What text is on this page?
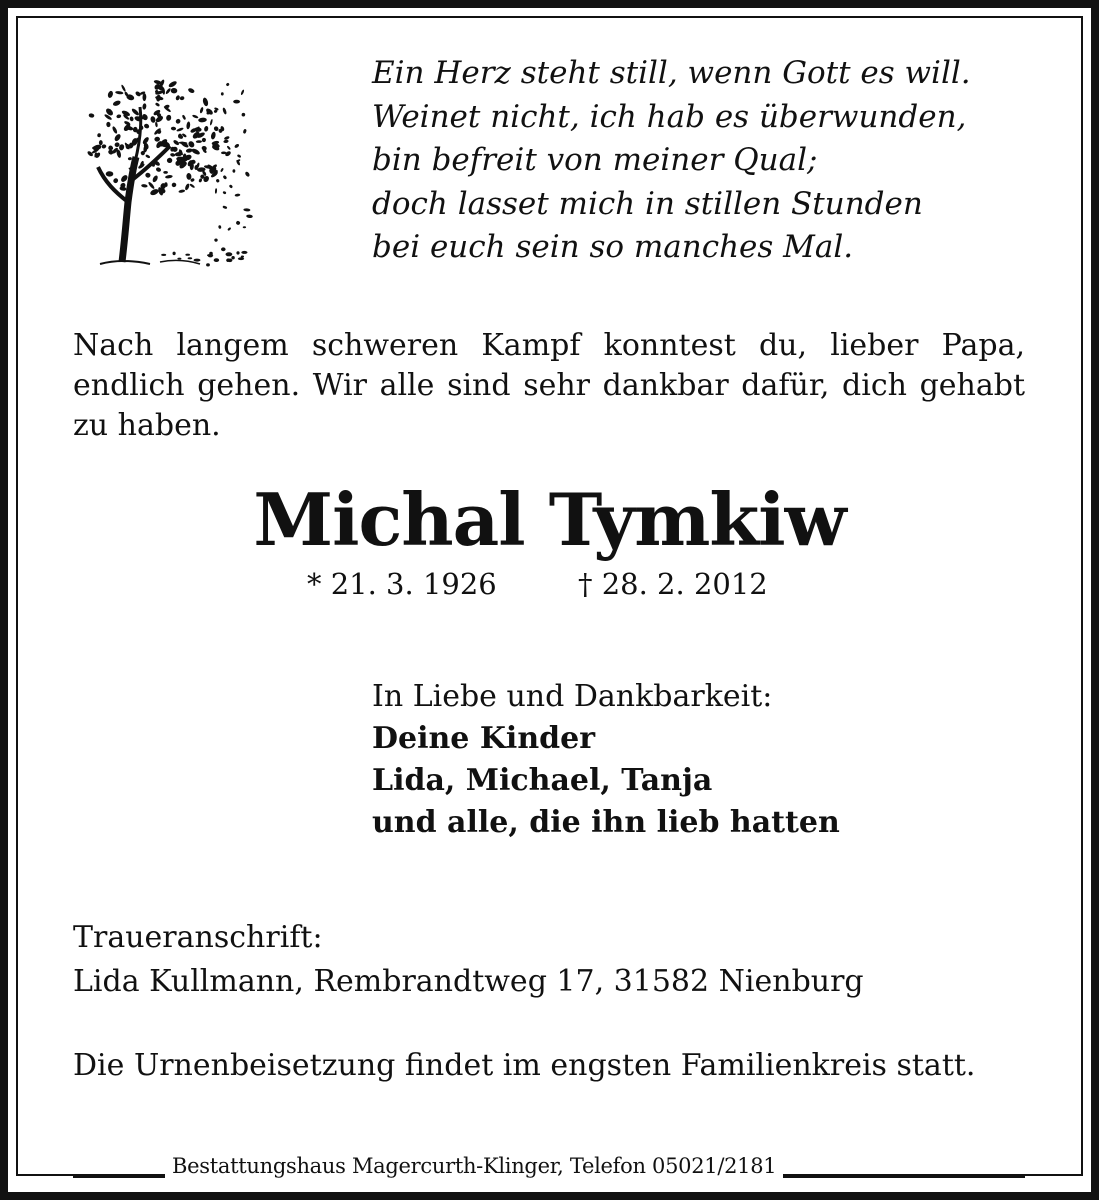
Ein Herz steht still, wenn Gott es will.
Weinet nicht, ich hab es überwunden,
bin befreit von meiner Qual;
doch lasset mich in stillen Stunden
bei euch sein so manches Mal.
Nach langem schweren Kampf konntest du, lieber Papa, endlich gehen. Wir alle sind sehr dankbar dafür, dich gehabt zu haben.
Michal Tymkiw
* 21. 3. 1926	† 28. 2. 2012
In Liebe und Dankbarkeit:
Deine Kinder
Lida, Michael, Tanja
und alle, die ihn lieb hatten
Traueranschrift:
Lida Kullmann, Rembrandtweg 17, 31582 Nienburg
Die Urnenbeisetzung findet im engsten Familienkreis statt.
Bestattungshaus Magercurth-Klinger, Telefon 05021/2181
